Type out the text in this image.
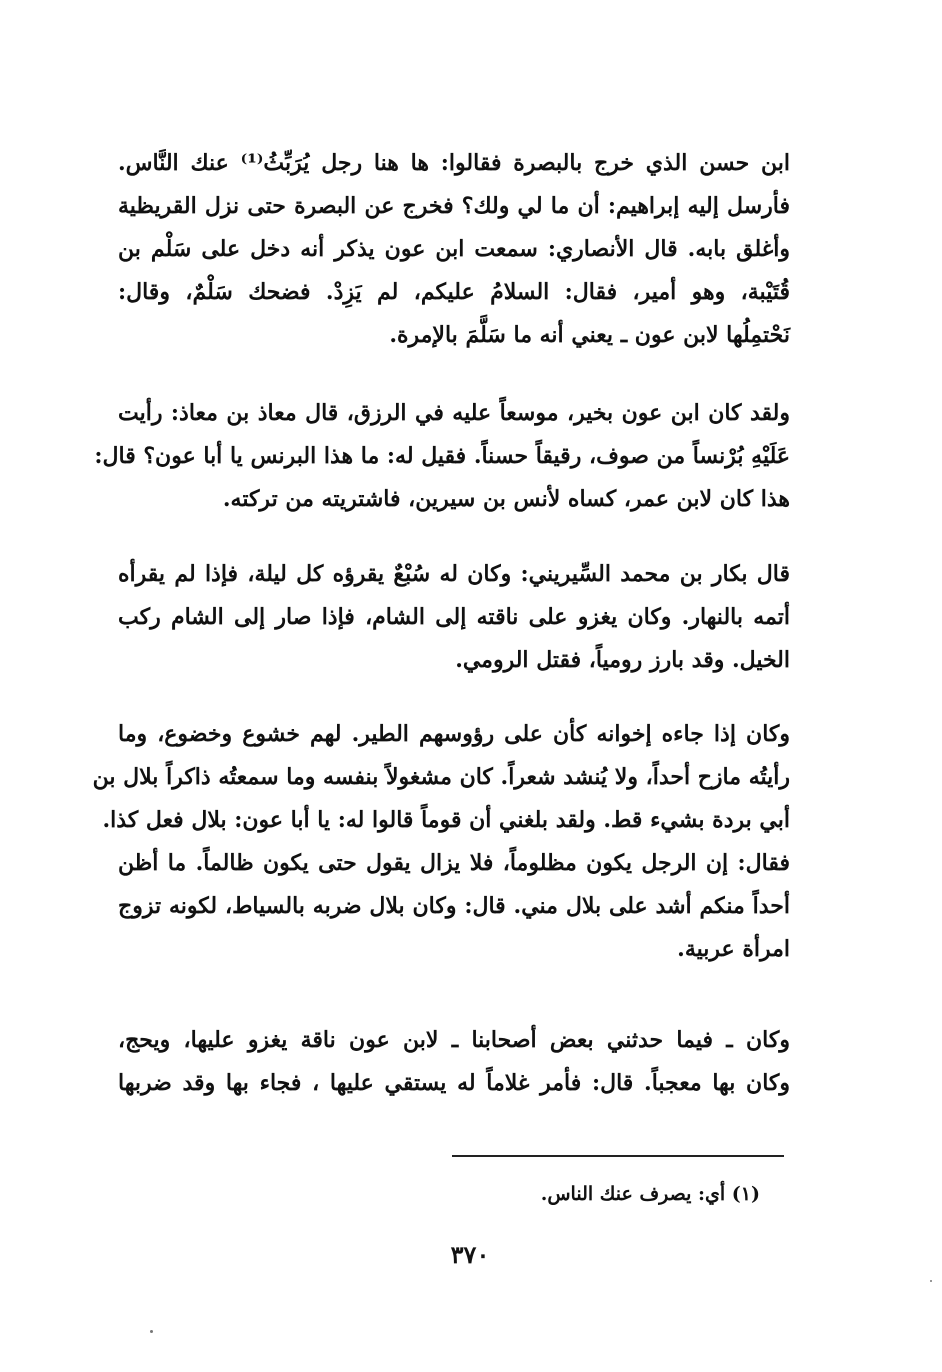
ابن حسن الذي خرج بالبصرة فقالوا: ها هنا رجل يُرَبِّثُ⁽¹⁾ عنك النَّاس.
فأرسل إليه إبراهيم: أن ما لي ولك؟ فخرج عن البصرة حتى نزل القريظية
وأغلق بابه. قال الأنصاري: سمعت ابن عون يذكر أنه دخل على سَلْم بن
قُتَيْبة، وهو أمير، فقال: السلامُ عليكم، لم يَزِدْ. فضحك سَلْمٌ، وقال:
نَحْتمِلُها لابن عون ـ يعني أنه ما سَلَّمَ بالإمرة.
ولقد كان ابن عون بخير، موسعاً عليه في الرزق، قال معاذ بن معاذ: رأيت
عَلَيْهِ بُرْنساً من صوف، رقيقاً حسناً. فقيل له: ما هذا البرنس يا أبا عون؟ قال:
هذا كان لابن عمر، كساه لأنس بن سيرين، فاشتريته من تركته.
قال بكار بن محمد السِّيريني: وكان له سُبْعٌ يقرؤه كل ليلة، فإذا لم يقرأه
أتمه بالنهار. وكان يغزو على ناقته إلى الشام، فإذا صار إلى الشام ركب
الخيل. وقد بارز رومياً، فقتل الرومي.
وكان إذا جاءه إخوانه كأن على رؤوسهم الطير. لهم خشوع وخضوع، وما
رأيتُه مازح أحداً، ولا يُنشد شعراً. كان مشغولاً بنفسه وما سمعتُه ذاكراً بلال بن
أبي بردة بشيء قط. ولقد بلغني أن قوماً قالوا له: يا أبا عون: بلال فعل كذا.
فقال: إن الرجل يكون مظلوماً، فلا يزال يقول حتى يكون ظالماً. ما أظن
أحداً منكم أشد على بلال مني. قال: وكان بلال ضربه بالسياط، لكونه تزوج
امرأة عربية.
وكان ـ فيما حدثني بعض أصحابنا ـ لابن عون ناقة يغزو عليها، ويحج،
وكان بها معجباً. قال: فأمر غلاماً له يستقي عليها ، فجاء بها وقد ضربها
(١) أي: يصرف عنك الناس.
٣٧٠
